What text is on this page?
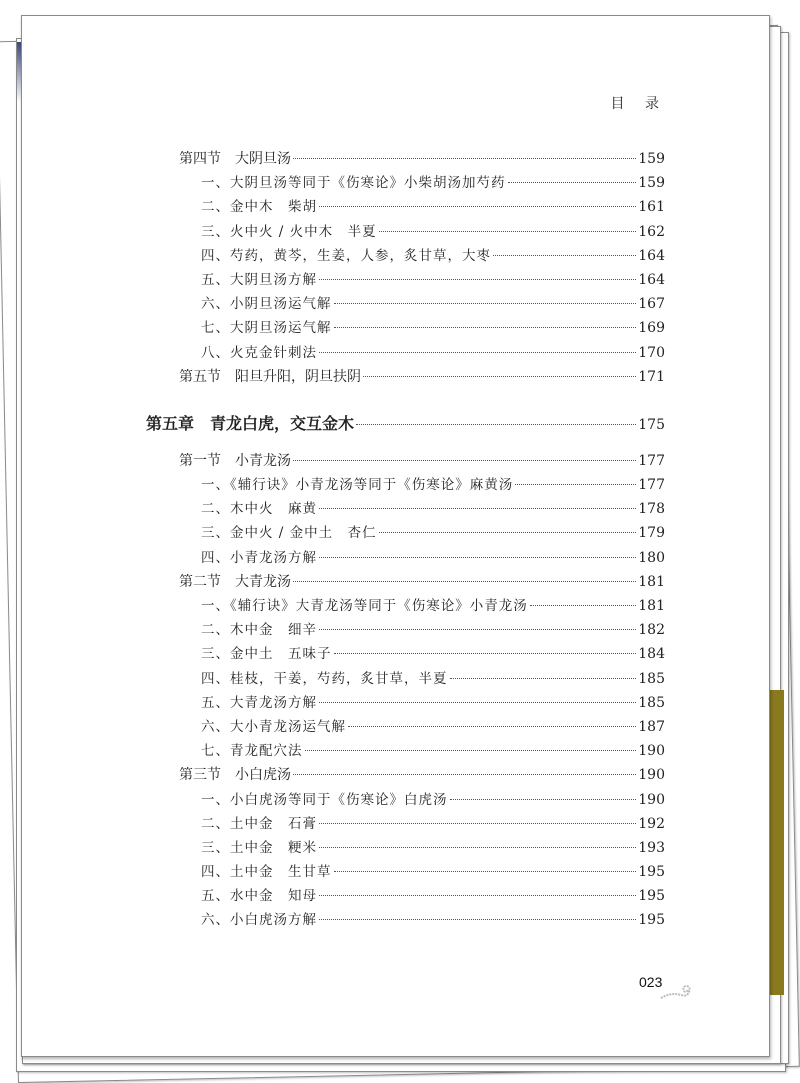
目 录
第四节　大阴旦汤	159
一、大阴旦汤等同于《伤寒论》小柴胡汤加芍药	159
二、金中木　柴胡	161
三、火中火 / 火中木　半夏	162
四、芍药，黄芩，生姜，人参，炙甘草，大枣	164
五、大阴旦汤方解	164
六、小阴旦汤运气解	167
七、大阴旦汤运气解	169
八、火克金针刺法	170
第五节　阳旦升阳，阴旦扶阴	171
第五章　青龙白虎，交互金木	175
第一节　小青龙汤	177
一、《辅行诀》小青龙汤等同于《伤寒论》麻黄汤	177
二、木中火　麻黄	178
三、金中火 / 金中土　杏仁	179
四、小青龙汤方解	180
第二节　大青龙汤	181
一、《辅行诀》大青龙汤等同于《伤寒论》小青龙汤	181
二、木中金　细辛	182
三、金中土　五味子	184
四、桂枝，干姜，芍药，炙甘草，半夏	185
五、大青龙汤方解	185
六、大小青龙汤运气解	187
七、青龙配穴法	190
第三节　小白虎汤	190
一、小白虎汤等同于《伤寒论》白虎汤	190
二、土中金　石膏	192
三、土中金　粳米	193
四、土中金　生甘草	195
五、水中金　知母	195
六、小白虎汤方解	195
023
